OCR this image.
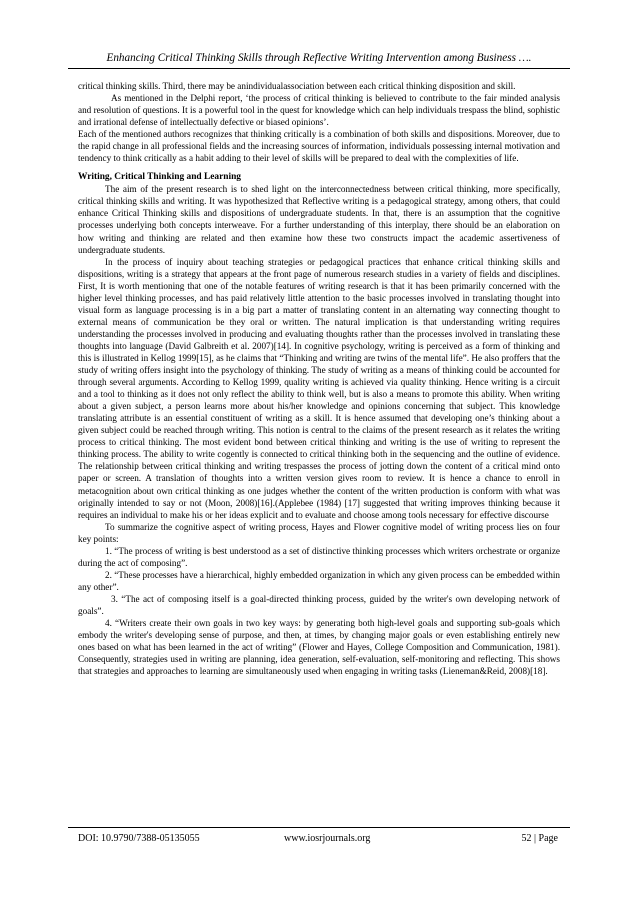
Enhancing Critical Thinking Skills through Reflective Writing Intervention among Business ….

critical thinking skills. Third, there may be anindividualassociation between each critical thinking disposition and skill.

As mentioned in the Delphi report, ‘the process of critical thinking is believed to contribute to the fair minded analysis and resolution of questions. It is a powerful tool in the quest for knowledge which can help individuals trespass the blind, sophistic and irrational defense of intellectually defective or biased opinions’.

Each of the mentioned authors recognizes that thinking critically is a combination of both skills and dispositions. Moreover, due to the rapid change in all professional fields and the increasing sources of information, individuals possessing internal motivation and tendency to think critically as a habit adding to their level of skills will be prepared to deal with the complexities of life.

Writing, Critical Thinking and Learning

The aim of the present research is to shed light on the interconnectedness between critical thinking, more specifically, critical thinking skills and writing. It was hypothesized that Reflective writing is a pedagogical strategy, among others, that could enhance Critical Thinking skills and dispositions of undergraduate students. In that, there is an assumption that the cognitive processes underlying both concepts interweave. For a further understanding of this interplay, there should be an elaboration on how writing and thinking are related and then examine how these two constructs impact the academic assertiveness of undergraduate students.

In the process of inquiry about teaching strategies or pedagogical practices that enhance critical thinking skills and dispositions, writing is a strategy that appears at the front page of numerous research studies in a variety of fields and disciplines. First, It is worth mentioning that one of the notable features of writing research is that it has been primarily concerned with the higher level thinking processes, and has paid relatively little attention to the basic processes involved in translating thought into visual form as language processing is in a big part a matter of translating content in an alternating way connecting thought to external means of communication be they oral or written. The natural implication is that understanding writing requires understanding the processes involved in producing and evaluating thoughts rather than the processes involved in translating these thoughts into language (David Galbreith et al. 2007)[14]. In cognitive psychology, writing is perceived as a form of thinking and this is illustrated in Kellog 1999[15], as he claims that “Thinking and writing are twins of the mental life”. He also proffers that the study of writing offers insight into the psychology of thinking. The study of writing as a means of thinking could be accounted for through several arguments. According to Kellog 1999, quality writing is achieved via quality thinking. Hence writing is a circuit and a tool to thinking as it does not only reflect the ability to think well, but is also a means to promote this ability. When writing about a given subject, a person learns more about his/her knowledge and opinions concerning that subject. This knowledge translating attribute is an essential constituent of writing as a skill. It is hence assumed that developing one’s thinking about a given subject could be reached through writing. This notion is central to the claims of the present research as it relates the writing process to critical thinking. The most evident bond between critical thinking and writing is the use of writing to represent the thinking process. The ability to write cogently is connected to critical thinking both in the sequencing and the outline of evidence. The relationship between critical thinking and writing trespasses the process of jotting down the content of a critical mind onto paper or screen. A translation of thoughts into a written version gives room to review. It is hence a chance to enroll in metacognition about own critical thinking as one judges whether the content of the written production is conform with what was originally intended to say or not (Moon, 2008)[16].(Applebee (1984) [17] suggested that writing improves thinking because it requires an individual to make his or her ideas explicit and to evaluate and choose among tools necessary for effective discourse

To summarize the cognitive aspect of writing process, Hayes and Flower cognitive model of writing process lies on four key points:

1. “The process of writing is best understood as a set of distinctive thinking processes which writers orchestrate or organize during the act of composing”.

2. “These processes have a hierarchical, highly embedded organization in which any given process can be embedded within any other”.

3. “The act of composing itself is a goal-directed thinking process, guided by the writer's own developing network of goals”.

4. “Writers create their own goals in two key ways: by generating both high-level goals and supporting sub-goals which embody the writer's developing sense of purpose, and then, at times, by changing major goals or even establishing entirely new ones based on what has been learned in the act of writing” (Flower and Hayes, College Composition and Communication, 1981). Consequently, strategies used in writing are planning, idea generation, self-evaluation, self-monitoring and reflecting. This shows that strategies and approaches to learning are simultaneously used when engaging in writing tasks (Lieneman&Reid, 2008)[18].

DOI: 10.9790/7388-05135055	www.iosrjournals.org	52 | Page
